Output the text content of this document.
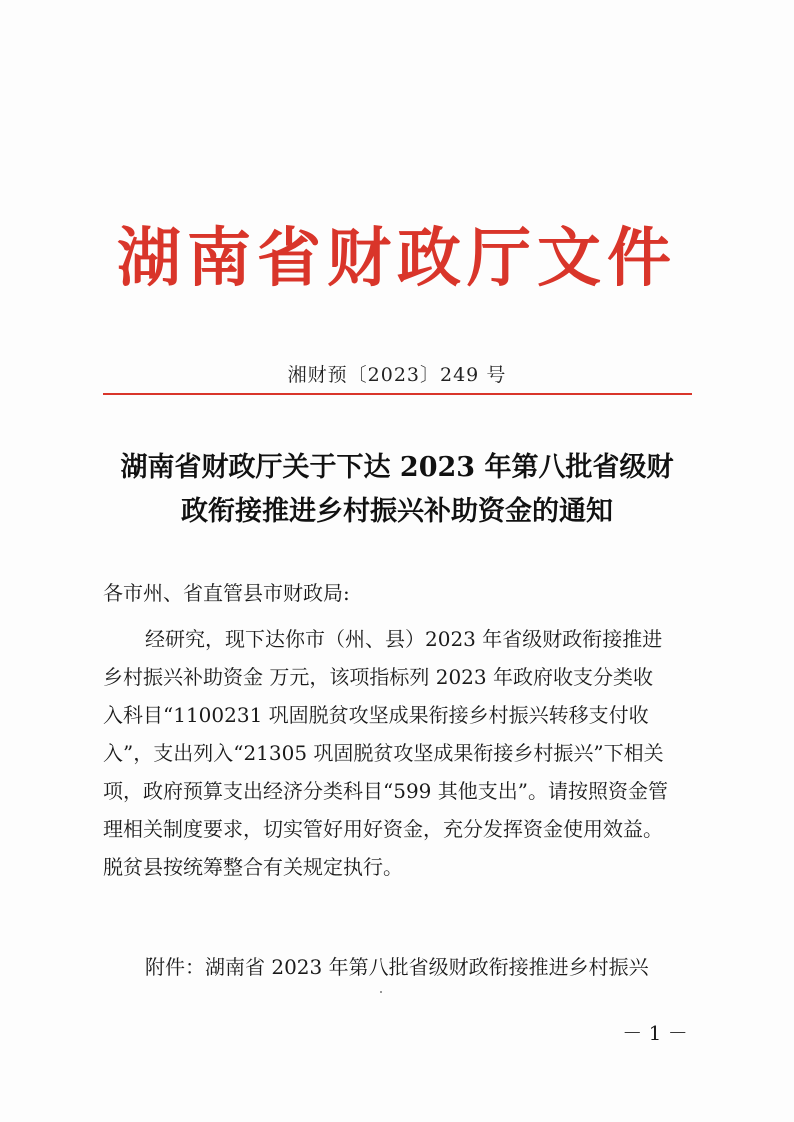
湖南省财政厅文件
湘财预〔2023〕249 号
湖南省财政厅关于下达 2023 年第八批省级财
政衔接推进乡村振兴补助资金的通知
各市州、省直管县市财政局:
经研究，现下达你市（州、县）2023 年省级财政衔接推进
乡村振兴补助资金 万元，该项指标列 2023 年政府收支分类收
入科目“1100231 巩固脱贫攻坚成果衔接乡村振兴转移支付收
入”，支出列入“21305 巩固脱贫攻坚成果衔接乡村振兴”下相关
项，政府预算支出经济分类科目“599 其他支出”。请按照资金管
理相关制度要求，切实管好用好资金，充分发挥资金使用效益。
脱贫县按统筹整合有关规定执行。
附件：湖南省 2023 年第八批省级财政衔接推进乡村振兴
－ 1 －
